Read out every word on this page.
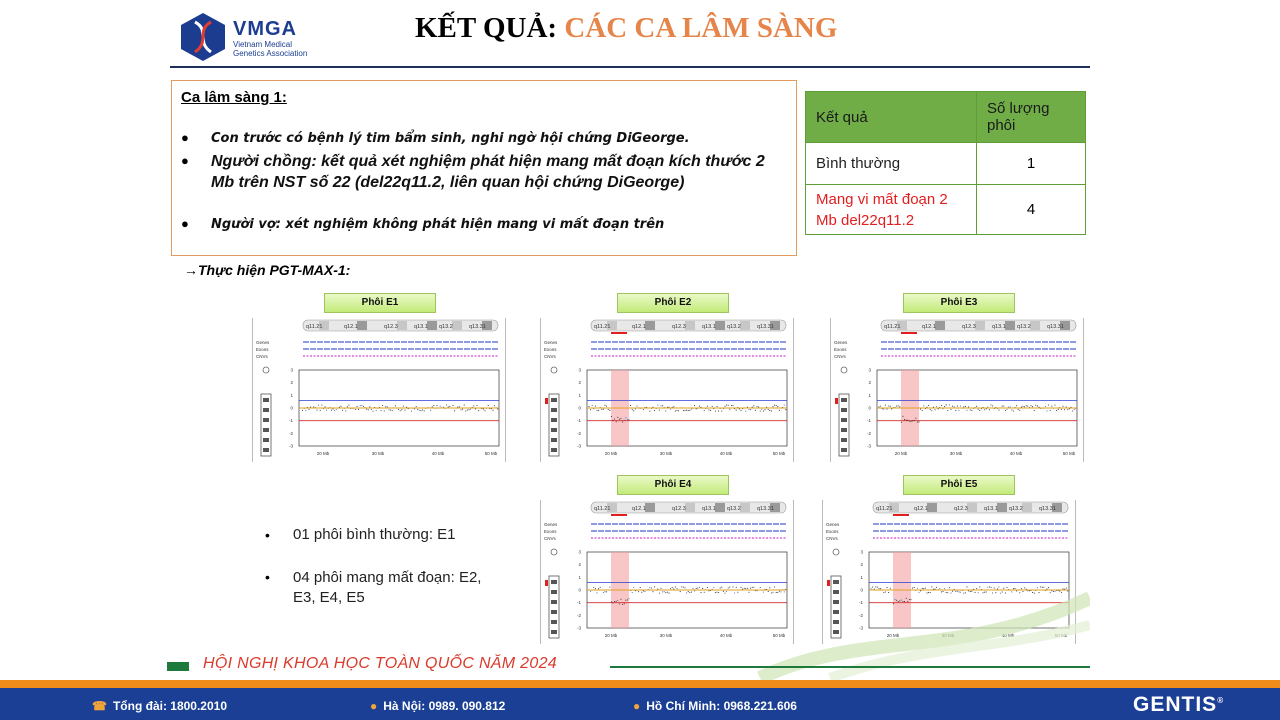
VMGA
Vietnam Medical
Genetics Association
KẾT QUẢ: CÁC CA LÂM SÀNG
Ca lâm sàng 1:
● Con trước có bệnh lý tim bẩm sinh, nghi ngờ hội chứng DiGeorge.
● Người chồng: kết quả xét nghiệm phát hiện mang mất đoạn kích thước 2 Mb trên NST số 22 (del22q11.2, liên quan hội chứng DiGeorge)
● Người vợ: xét nghiệm không phát hiện mang vi mất đoạn trên
Kết quả	Số lượng phôi
Bình thường	1
Mang vi mất đoạn 2 Mb del22q11.2	4
→Thực hiện PGT-MAX-1:
Phôi E1	Phôi E2	Phôi E3
Phôi E4	Phôi E5
q11.21	q12.1	q12.3	q13.1 q13.2	q13.31
Genes
Exons
CNVs
3
2
1
0
-1
-2
-3
20 Mb	30 Mb	40 Mb	50 Mb
q11.21	q12.1	q12.3	q13.1 q13.2	q13.31
Genes
Exons
CNVs
3
2
1
0
-1
-2
-3
20 Mb	30 Mb	40 Mb	50 Mb
q11.21	q12.1	q12.3	q13.1 q13.2	q13.31
Genes
Exons
CNVs
3
2
1
0
-1
-2
-3
20 Mb	30 Mb	40 Mb	50 Mb
q11.21	q12.1	q12.3	q13.1 q13.2	q13.31
Genes
Exons
CNVs
3
2
1
0
-1
-2
-3
20 Mb	30 Mb	40 Mb	50 Mb
q11.21	q12.1	q12.3	q13.1 q13.2	q13.31
Genes
Exons
CNVs
3
2
1
0
-1
-2
-3
20 Mb	30 Mb	40 Mb	50 Mb
• 01 phôi bình thường: E1
• 04 phôi mang mất đoạn: E2, E3, E4, E5
HỘI NGHỊ KHOA HỌC TOÀN QUỐC NĂM 2024
☎ Tổng đài: 1800.2010	● Hà Nội: 0989. 090.812	● Hồ Chí Minh: 0968.221.606	GENTIS®
